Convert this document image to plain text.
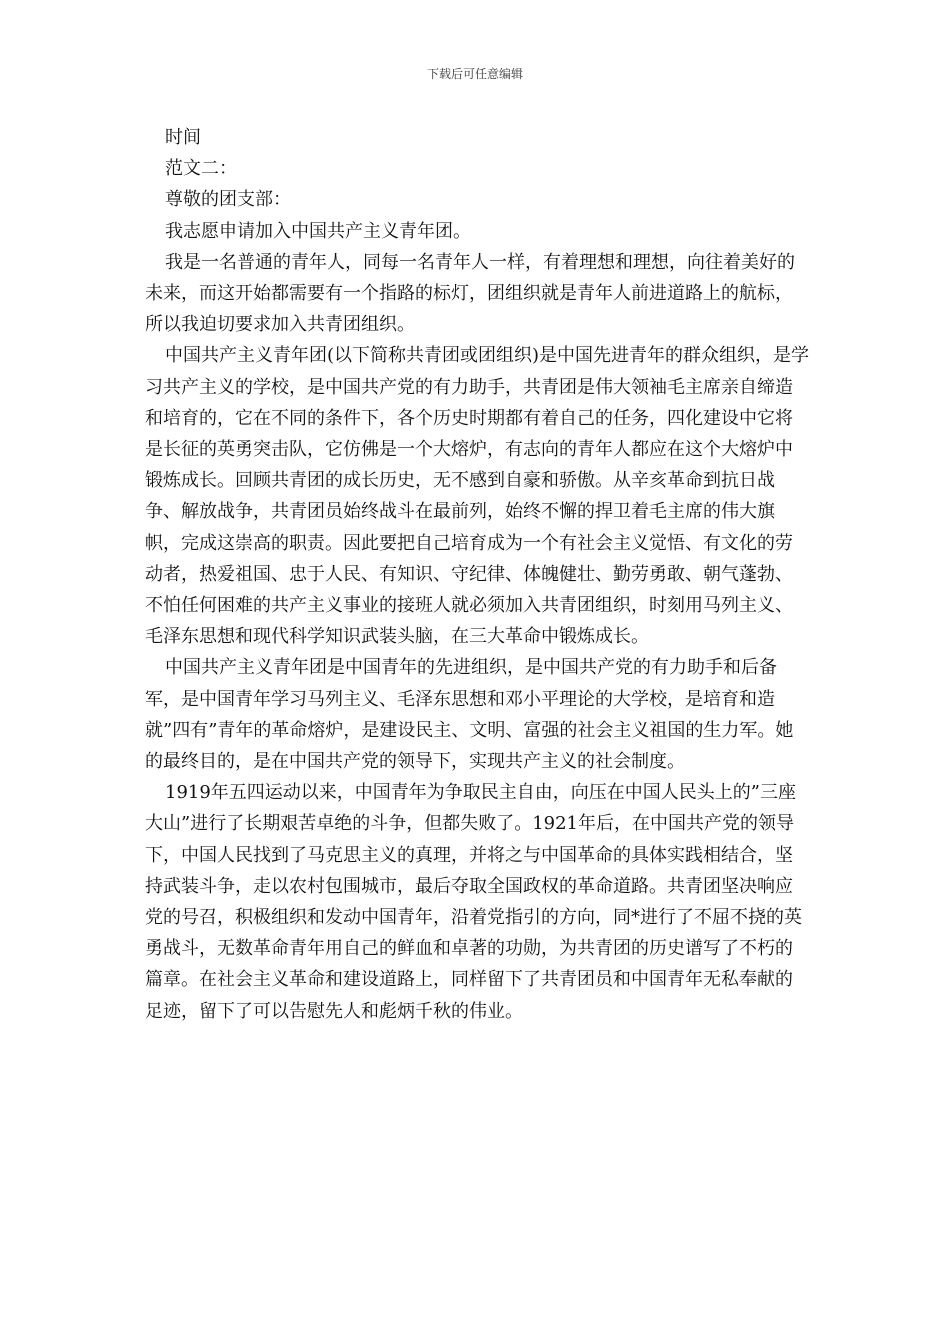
下载后可任意编辑

时间

范文二：

尊敬的团支部：

我志愿申请加入中国共产主义青年团。

我是一名普通的青年人，同每一名青年人一样，有着理想和理想，向往着美好的未来，而这开始都需要有一个指路的标灯，团组织就是青年人前进道路上的航标，所以我迫切要求加入共青团组织。

中国共产主义青年团(以下简称共青团或团组织)是中国先进青年的群众组织，是学习共产主义的学校，是中国共产党的有力助手，共青团是伟大领袖毛主席亲自缔造和培育的，它在不同的条件下，各个历史时期都有着自己的任务，四化建设中它将是长征的英勇突击队，它仿佛是一个大熔炉，有志向的青年人都应在这个大熔炉中锻炼成长。回顾共青团的成长历史，无不感到自豪和骄傲。从辛亥革命到抗日战争、解放战争，共青团员始终战斗在最前列，始终不懈的捍卫着毛主席的伟大旗帜，完成这崇高的职责。因此要把自己培育成为一个有社会主义觉悟、有文化的劳动者，热爱祖国、忠于人民、有知识、守纪律、体魄健壮、勤劳勇敢、朝气蓬勃、不怕任何困难的共产主义事业的接班人就必须加入共青团组织，时刻用马列主义、毛泽东思想和现代科学知识武装头脑，在三大革命中锻炼成长。

中国共产主义青年团是中国青年的先进组织，是中国共产党的有力助手和后备军，是中国青年学习马列主义、毛泽东思想和邓小平理论的大学校，是培育和造就”四有”青年的革命熔炉，是建设民主、文明、富强的社会主义祖国的生力军。她的最终目的，是在中国共产党的领导下，实现共产主义的社会制度。

1919年五四运动以来，中国青年为争取民主自由，向压在中国人民头上的”三座大山”进行了长期艰苦卓绝的斗争，但都失败了。1921年后，在中国共产党的领导下，中国人民找到了马克思主义的真理，并将之与中国革命的具体实践相结合，坚持武装斗争，走以农村包围城市，最后夺取全国政权的革命道路。共青团坚决响应党的号召，积极组织和发动中国青年，沿着党指引的方向，同*进行了不屈不挠的英勇战斗，无数革命青年用自己的鲜血和卓著的功勋，为共青团的历史谱写了不朽的篇章。在社会主义革命和建设道路上，同样留下了共青团员和中国青年无私奉献的足迹，留下了可以告慰先人和彪炳千秋的伟业。
